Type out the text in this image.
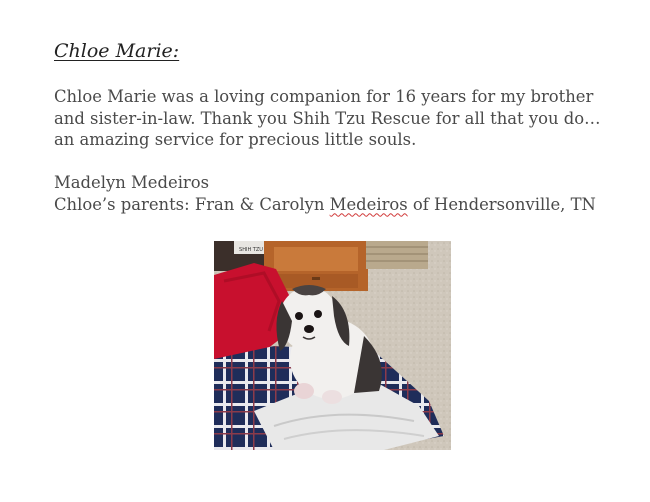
Chloe Marie:
Chloe Marie was a loving companion for 16 years for my brother
and sister-in-law. Thank you Shih Tzu Rescue for all that you do…
an amazing service for precious little souls.
Madelyn Medeiros
Chloe’s parents: Fran & Carolyn Medeiros of Hendersonville, TN
SHIH TZU
